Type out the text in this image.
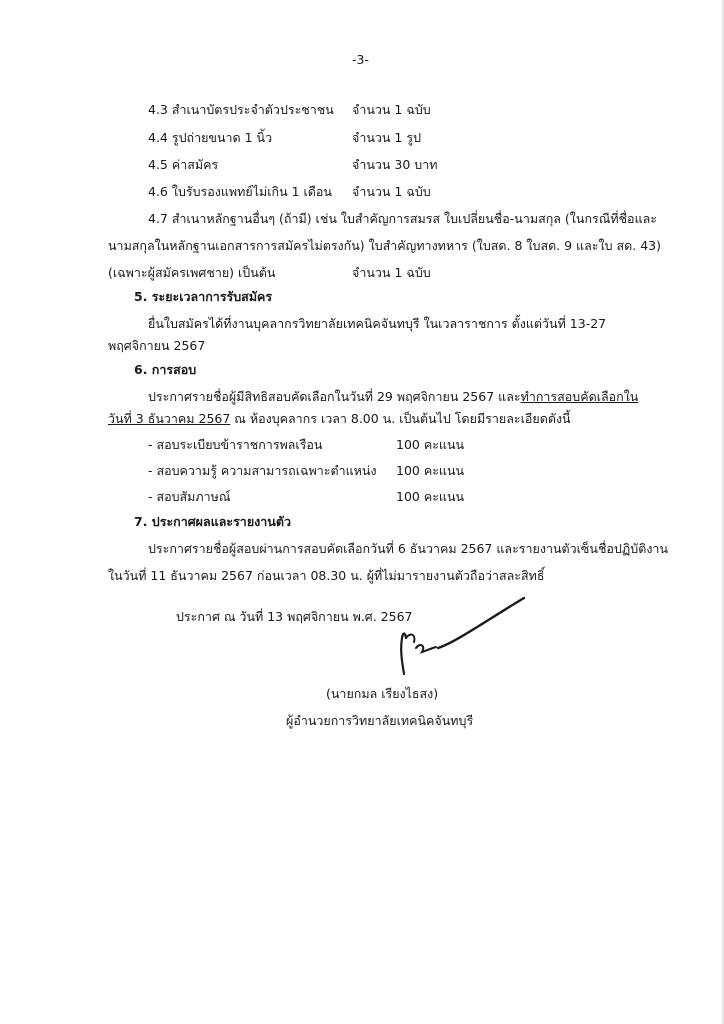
-3-
4.3 สำเนาบัตรประจำตัวประชาชน จำนวน 1 ฉบับ
4.4 รูปถ่ายขนาด 1 นิ้ว	จำนวน 1 รูป
4.5 ค่าสมัคร	จำนวน 30 บาท
4.6 ใบรับรองแพทย์ไม่เกิน 1 เดือน จำนวน 1 ฉบับ
4.7 สำเนาหลักฐานอื่นๆ (ถ้ามี) เช่น ใบสำคัญการสมรส ใบเปลี่ยนชื่อ-นามสกุล (ในกรณีที่ชื่อและ
นามสกุลในหลักฐานเอกสารการสมัครไม่ตรงกัน) ใบสำคัญทางทหาร (ใบสด. 8 ใบสด. 9 และใบ สด. 43)
(เฉพาะผู้สมัครเพศชาย) เป็นต้น	จำนวน 1 ฉบับ
5. ระยะเวลาการรับสมัคร
ยื่นใบสมัครได้ที่งานบุคลากรวิทยาลัยเทคนิคจันทบุรี ในเวลาราชการ ตั้งแต่วันที่ 13-27
พฤศจิกายน 2567
6. การสอบ
ประกาศรายชื่อผู้มีสิทธิสอบคัดเลือกในวันที่ 29 พฤศจิกายน 2567 และทำการสอบคัดเลือกใน
วันที่ 3 ธันวาคม 2567 ณ ห้องบุคลากร เวลา 8.00 น. เป็นต้นไป โดยมีรายละเอียดดังนี้
- สอบระเบียบข้าราชการพลเรือน	100 คะแนน
- สอบความรู้ ความสามารถเฉพาะตำแหน่ง 100 คะแนน
- สอบสัมภาษณ์	100 คะแนน
7. ประกาศผลและรายงานตัว
ประกาศรายชื่อผู้สอบผ่านการสอบคัดเลือกวันที่ 6 ธันวาคม 2567 และรายงานตัวเซ็นชื่อปฏิบัติงาน
ในวันที่ 11 ธันวาคม 2567 ก่อนเวลา 08.30 น. ผู้ที่ไม่มารายงานตัวถือว่าสละสิทธิ์
ประกาศ ณ วันที่ 13 พฤศจิกายน พ.ศ. 2567
(นายกมล เรียงไธสง)
ผู้อำนวยการวิทยาลัยเทคนิคจันทบุรี
